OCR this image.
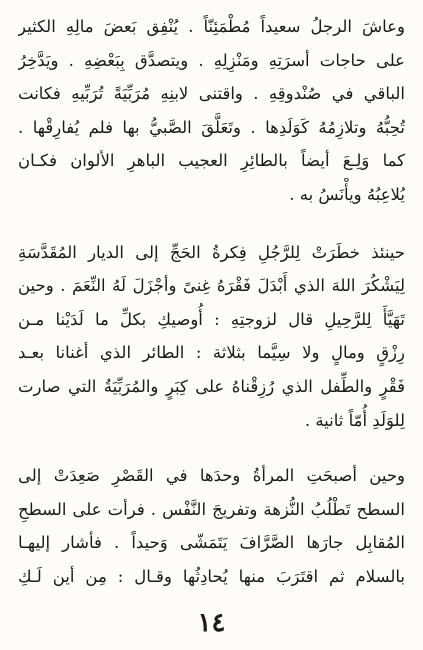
وعاشَ الرجلُ سعيداً مُطْمَئِنّاً . يُنْفِق بَعضَ مالِهِ الكثير
على حاجات أسرَتِهِ ومَنْزِلِهِ . ويتصدَّق بِبَعْضِهِ . ويَدَّخِرُ
الباقي في صُنْدوقِهِ . واقتنى لابنِهِ مُرَبِّيَةً تُرَبِّيهِ فكانت
تُحِبُّهُ وتلازِمُهُ كَوَلَدِها . وتَعَلَّقَ الصَّبيُّ بها فلم يُفارِقْها .
كما وَلِـعَ أيضاً بالطائِرِ العجيب الباهرِ الألوان فكـان
يُلاعِبُهُ ويأْنَسُ به .
حينئذ خطَرَتْ لِلرَّجُلِ فِكرةُ الحَجِّ إلى الديار المُقَدَّسَةِ
لِيَشْكُرَ اللهَ الذي أَبْدَلَ فَقْرَهُ غِنىً وأجْزَلَ لَهُ النِّعَمَ . وحين
تَهَيَّأَ لِلرَّحِيلِ قال لزوجتِهِ : أُوصيكِ بكلِّ ما لَدَيْنا مـن
رِزْقٍ ومالٍ ولا سِيَّما بثلاثة : الطائر الذي أغنانا بعـد
فَقْرٍ والطِّفل الذي رُزِقْناهُ على كِبَرٍ والمُرَبِّيَةُ التي صارت
لِلوَلَدِ أُمّاً ثانية .
وحين أصبحَتِ المرأةُ وحدَها في القَصْرِ صَعِدَتْ إلى
السطح تَطْلُبُ النُّزهة وتفريجَ النَّفْس . فرأت على السطحِ
المُقابِل جارَها الصَّرَّافَ يَتَمَشّى وَحيداً . فأشار إليهـا
بالسلام ثم اقتَرَبَ منها يُحادِثُها وقـال : مِن أين لَـكِ
١٤
